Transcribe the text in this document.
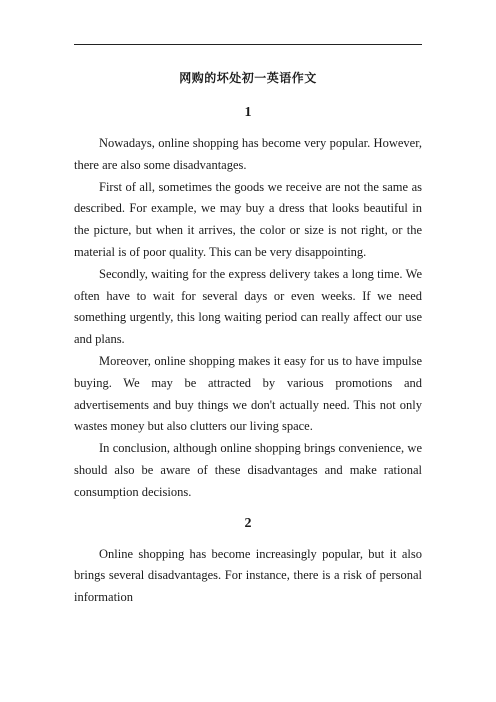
网购的坏处初一英语作文
1

Nowadays, online shopping has become very popular. However, there are also some disadvantages.

First of all, sometimes the goods we receive are not the same as described. For example, we may buy a dress that looks beautiful in the picture, but when it arrives, the color or size is not right, or the material is of poor quality. This can be very disappointing.

Secondly, waiting for the express delivery takes a long time. We often have to wait for several days or even weeks. If we need something urgently, this long waiting period can really affect our use and plans.

Moreover, online shopping makes it easy for us to have impulse buying. We may be attracted by various promotions and advertisements and buy things we don't actually need. This not only wastes money but also clutters our living space.

In conclusion, although online shopping brings convenience, we should also be aware of these disadvantages and make rational consumption decisions.

2

Online shopping has become increasingly popular, but it also brings several disadvantages. For instance, there is a risk of personal information
